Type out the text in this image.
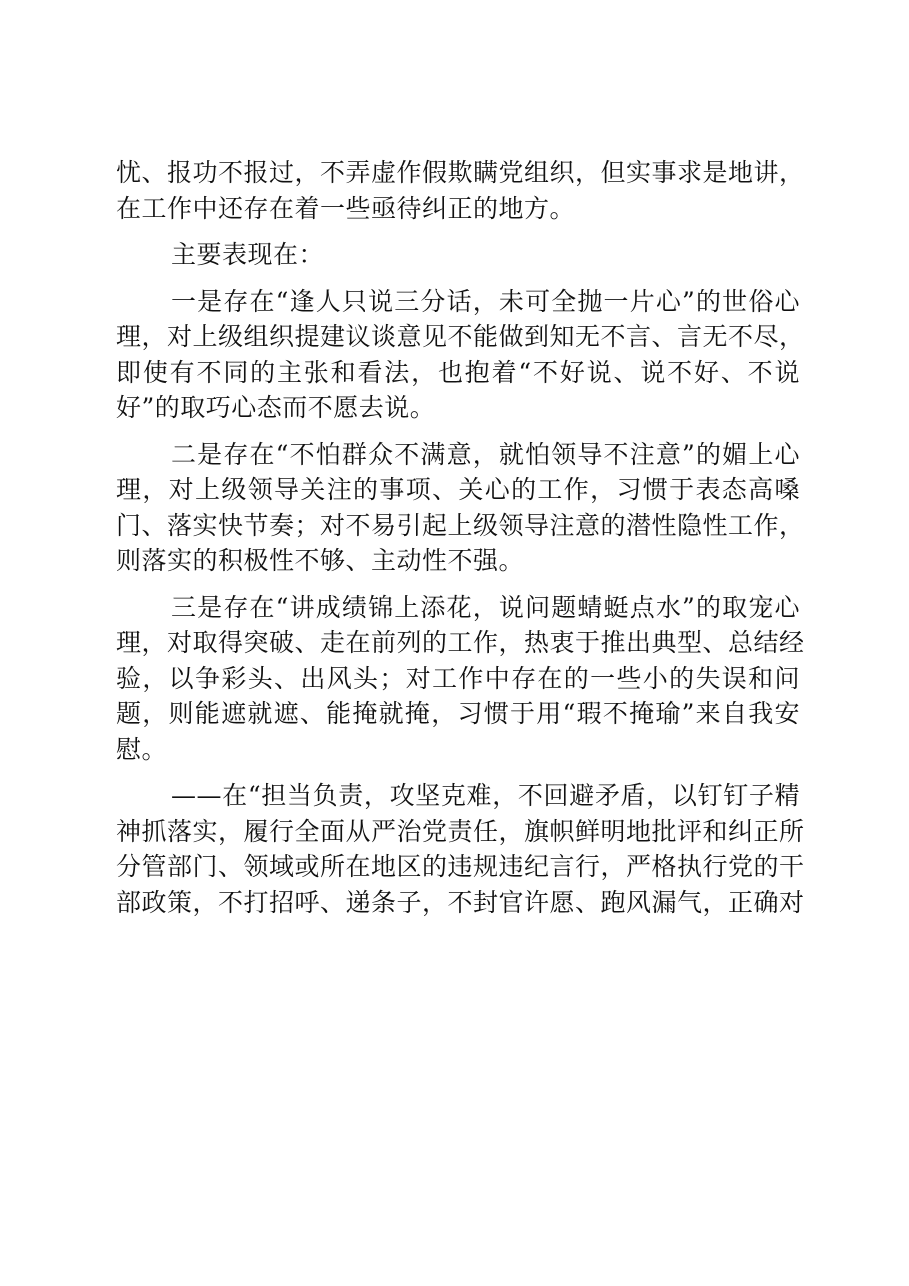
忧、报功不报过，不弄虚作假欺瞒党组织，但实事求是地讲，
在工作中还存在着一些亟待纠正的地方。
主要表现在：
一是存在“逢人只说三分话，未可全抛一片心”的世俗心
理，对上级组织提建议谈意见不能做到知无不言、言无不尽，
即使有不同的主张和看法，也抱着“不好说、说不好、不说
好”的取巧心态而不愿去说。
二是存在“不怕群众不满意，就怕领导不注意”的媚上心
理，对上级领导关注的事项、关心的工作，习惯于表态高嗓
门、落实快节奏；对不易引起上级领导注意的潜性隐性工作，
则落实的积极性不够、主动性不强。
三是存在“讲成绩锦上添花，说问题蜻蜓点水”的取宠心
理，对取得突破、走在前列的工作，热衷于推出典型、总结经
验，以争彩头、出风头；对工作中存在的一些小的失误和问
题，则能遮就遮、能掩就掩，习惯于用“瑕不掩瑜”来自我安
慰。
——在“担当负责，攻坚克难，不回避矛盾，以钉钉子精
神抓落实，履行全面从严治党责任，旗帜鲜明地批评和纠正所
分管部门、领域或所在地区的违规违纪言行，严格执行党的干
部政策，不打招呼、递条子，不封官许愿、跑风漏气，正确对
